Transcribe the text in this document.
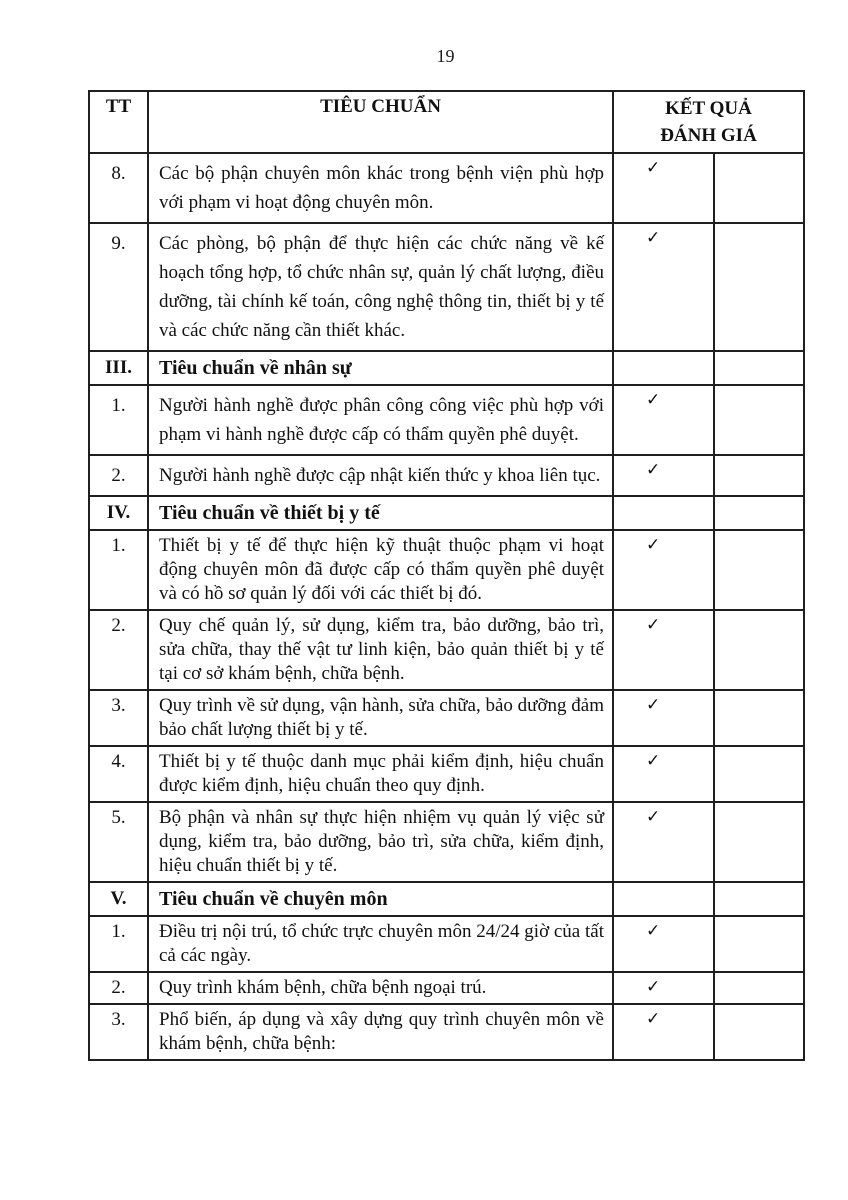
19
TT	TIÊU CHUẨN	KẾT QUẢ
ĐÁNH GIÁ	

8.	Các bộ phận chuyên môn khác trong bệnh viện phù hợp với phạm vi hoạt động chuyên môn.	✓	
9.	Các phòng, bộ phận để thực hiện các chức năng về kế hoạch tổng hợp, tổ chức nhân sự, quản lý chất lượng, điều dưỡng, tài chính kế toán, công nghệ thông tin, thiết bị y tế và các chức năng cần thiết khác.	✓	
III.	Tiêu chuẩn về nhân sự		
1.	Người hành nghề được phân công công việc phù hợp với phạm vi hành nghề được cấp có thẩm quyền phê duyệt.	✓	
2.	Người hành nghề được cập nhật kiến thức y khoa liên tục.	✓	
IV.	Tiêu chuẩn về thiết bị y tế		
1.	Thiết bị y tế để thực hiện kỹ thuật thuộc phạm vi hoạt động chuyên môn đã được cấp có thẩm quyền phê duyệt và có hồ sơ quản lý đối với các thiết bị đó.	✓	
2.	Quy chế quản lý, sử dụng, kiểm tra, bảo dưỡng, bảo trì, sửa chữa, thay thế vật tư linh kiện, bảo quản thiết bị y tế tại cơ sở khám bệnh, chữa bệnh.	✓	
3.	Quy trình về sử dụng, vận hành, sửa chữa, bảo dưỡng đảm bảo chất lượng thiết bị y tế.	✓	
4.	Thiết bị y tế thuộc danh mục phải kiểm định, hiệu chuẩn được kiểm định, hiệu chuẩn theo quy định.	✓	
5.	Bộ phận và nhân sự thực hiện nhiệm vụ quản lý việc sử dụng, kiểm tra, bảo dưỡng, bảo trì, sửa chữa, kiểm định, hiệu chuẩn thiết bị y tế.	✓	
V.	Tiêu chuẩn về chuyên môn		
1.	Điều trị nội trú, tổ chức trực chuyên môn 24/24 giờ của tất cả các ngày.	✓	
2.	Quy trình khám bệnh, chữa bệnh ngoại trú.	✓	
3.	Phổ biến, áp dụng và xây dựng quy trình chuyên môn về khám bệnh, chữa bệnh:	✓	
